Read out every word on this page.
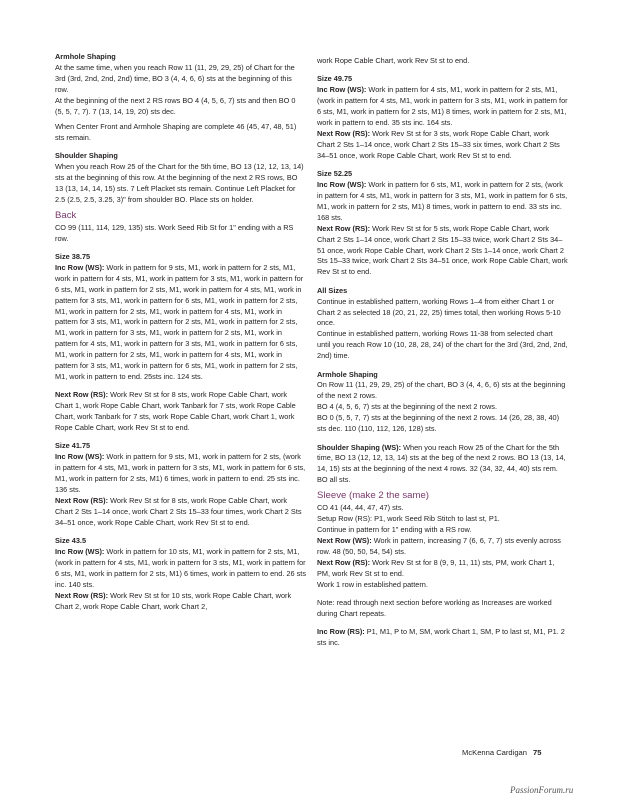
Armhole Shaping

At the same time, when you reach Row 11 (11, 29, 29, 25) of Chart for the 3rd (3rd, 2nd, 2nd, 2nd) time, BO 3 (4, 4, 6, 6) sts at the beginning of this row.

At the beginning of the next 2 RS rows BO 4 (4, 5, 6, 7) sts and then BO 0 (5, 5, 7, 7). 7 (13, 14, 19, 20) sts dec.

When Center Front and Armhole Shaping are complete 46 (45, 47, 48, 51) sts remain.

Shoulder Shaping

When you reach Row 25 of the Chart for the 5th time, BO 13 (12, 12, 13, 14) sts at the beginning of this row. At the beginning of the next 2 RS rows, BO 13 (13, 14, 14, 15) sts. 7 Left Placket sts remain. Continue Left Placket for 2.5 (2.5, 2.5, 3.25, 3)" from shoulder BO. Place sts on holder.

Back

CO 99 (111, 114, 129, 135) sts. Work Seed Rib St for 1" ending with a RS row.

Size 38.75

Inc Row (WS): Work in pattern for 9 sts, M1, work in pattern for 2 sts, M1, work in pattern for 4 sts, M1, work in pattern for 3 sts, M1, work in pattern for 6 sts, M1, work in pattern for 2 sts, M1, work in pattern for 4 sts, M1, work in pattern for 3 sts, M1, work in pattern for 6 sts, M1, work in pattern for 2 sts, M1, work in pattern for 2 sts, M1, work in pattern for 4 sts, M1, work in pattern for 3 sts, M1, work in pattern for 2 sts, M1, work in pattern for 2 sts, M1, work in pattern for 3 sts, M1, work in pattern for 2 sts, M1, work in pattern for 4 sts, M1, work in pattern for 3 sts, M1, work in pattern for 6 sts, M1, work in pattern for 2 sts, M1, work in pattern for 4 sts, M1, work in pattern for 3 sts, M1, work in pattern for 6 sts, M1, work in pattern for 2 sts, M1, work in pattern to end. 25sts inc. 124 sts.

Next Row (RS): Work Rev St st for 8 sts, work Rope Cable Chart, work Chart 1, work Rope Cable Chart, work Tanbark for 7 sts, work Rope Cable Chart, work Tanbark for 7 sts, work Rope Cable Chart, work Chart 1, work Rope Cable Chart, work Rev St st to end.

Size 41.75

Inc Row (WS): Work in pattern for 9 sts, M1, work in pattern for 2 sts, (work in pattern for 4 sts, M1, work in pattern for 3 sts, M1, work in pattern for 6 sts, M1, work in pattern for 2 sts, M1) 6 times, work in pattern to end. 25 sts inc. 136 sts.

Next Row (RS): Work Rev St st for 8 sts, work Rope Cable Chart, work Chart 2 Sts 1–14 once, work Chart 2 Sts 15–33 four times, work Chart 2 Sts 34–51 once, work Rope Cable Chart, work Rev St st to end.

Size 43.5

Inc Row (WS): Work in pattern for 10 sts, M1, work in pattern for 2 sts, M1, (work in pattern for 4 sts, M1, work in pattern for 3 sts, M1, work in pattern for 6 sts, M1, work in pattern for 2 sts, M1) 6 times, work in pattern to end. 26 sts inc. 140 sts.

Next Row (RS): Work Rev St st for 10 sts, work Rope Cable Chart, work Chart 2, work Rope Cable Chart, work Chart 2,

work Rope Cable Chart, work Rev St st to end.

Size 49.75

Inc Row (WS): Work in pattern for 4 sts, M1, work in pattern for 2 sts, M1, (work in pattern for 4 sts, M1, work in pattern for 3 sts, M1, work in pattern for 6 sts, M1, work in pattern for 2 sts, M1) 8 times, work in pattern for 2 sts, M1, work in pattern to end. 35 sts inc. 164 sts.

Next Row (RS): Work Rev St st for 3 sts, work Rope Cable Chart, work Chart 2 Sts 1–14 once, work Chart 2 Sts 15–33 six times, work Chart 2 Sts 34–51 once, work Rope Cable Chart, work Rev St st to end.

Size 52.25

Inc Row (WS): Work in pattern for 6 sts, M1, work in pattern for 2 sts, (work in pattern for 4 sts, M1, work in pattern for 3 sts, M1, work in pattern for 6 sts, M1, work in pattern for 2 sts, M1) 8 times, work in pattern to end. 33 sts inc. 168 sts.

Next Row (RS): Work Rev St st for 5 sts, work Rope Cable Chart, work Chart 2 Sts 1–14 once, work Chart 2 Sts 15–33 twice, work Chart 2 Sts 34–51 once, work Rope Cable Chart, work Chart 2 Sts 1–14 once, work Chart 2 Sts 15–33 twice, work Chart 2 Sts 34–51 once, work Rope Cable Chart, work Rev St st to end.

All Sizes

Continue in established pattern, working Rows 1–4 from either Chart 1 or Chart 2 as selected 18 (20, 21, 22, 25) times total, then working Rows 5-10 once.

Continue in established pattern, working Rows 11-38 from selected chart until you reach Row 10 (10, 28, 28, 24) of the chart for the 3rd (3rd, 2nd, 2nd, 2nd) time.

Armhole Shaping

On Row 11 (11, 29, 29, 25) of the chart, BO 3 (4, 4, 6, 6) sts at the beginning of the next 2 rows.

BO 4 (4, 5, 6, 7) sts at the beginning of the next 2 rows.

BO 0 (5, 5, 7, 7) sts at the beginning of the next 2 rows. 14 (26, 28, 38, 40) sts dec. 110 (110, 112, 126, 128) sts.

Shoulder Shaping (WS): When you reach Row 25 of the Chart for the 5th time, BO 13 (12, 12, 13, 14) sts at the beg of the next 2 rows. BO 13 (13, 14, 14, 15) sts at the beginning of the next 4 rows. 32 (34, 32, 44, 40) sts rem. BO all sts.

Sleeve (make 2 the same)

CO 41 (44, 44, 47, 47) sts.

Setup Row (RS): P1, work Seed Rib Stitch to last st, P1.

Continue in pattern for 1" ending with a RS row.

Next Row (WS): Work in pattern, increasing 7 (6, 6, 7, 7) sts evenly across row. 48 (50, 50, 54, 54) sts.

Next Row (RS): Work Rev St st for 8 (9, 9, 11, 11) sts, PM, work Chart 1, PM, work Rev St st to end.

Work 1 row in established pattern.

Note: read through next section before working as Increases are worked during Chart repeats.

Inc Row (RS): P1, M1, P to M, SM, work Chart 1, SM, P to last st, M1, P1. 2 sts inc.

McKenna Cardigan 75
PassionForum.ru
